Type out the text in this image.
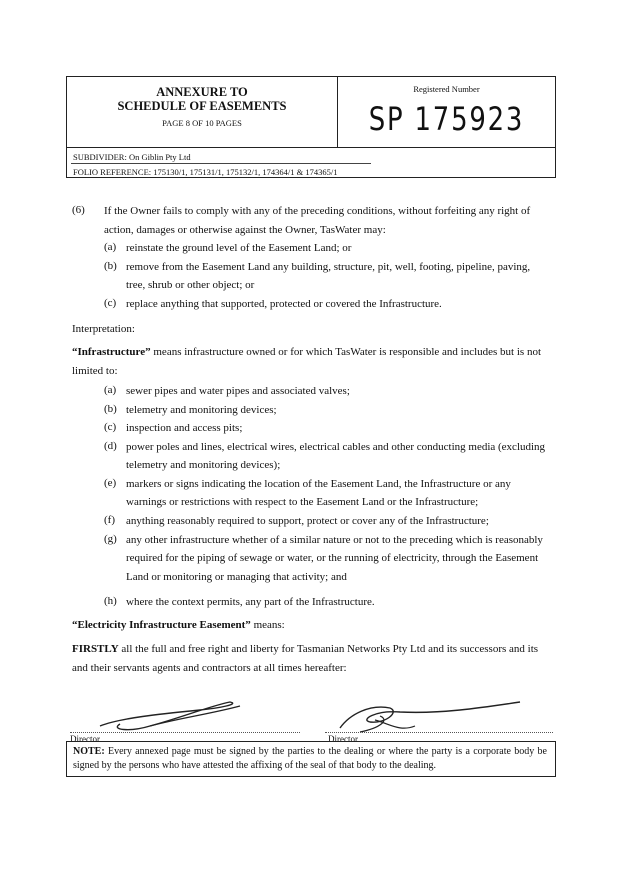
ANNEXURE TO
SCHEDULE OF EASEMENTS
PAGE 8 OF 10 PAGES
Registered Number
SP 175923
SUBDIVIDER: On Giblin Pty Ltd
FOLIO REFERENCE: 175130/1, 175131/1, 175132/1, 174364/1 & 174365/1
(6) If the Owner fails to comply with any of the preceding conditions, without forfeiting any right of
action, damages or otherwise against the Owner, TasWater may:
(a) reinstate the ground level of the Easement Land; or
(b) remove from the Easement Land any building, structure, pit, well, footing, pipeline, paving,
tree, shrub or other object; or
(c) replace anything that supported, protected or covered the Infrastructure.
Interpretation:
“Infrastructure” means infrastructure owned or for which TasWater is responsible and includes but is not
limited to:
(a) sewer pipes and water pipes and associated valves;
(b) telemetry and monitoring devices;
(c) inspection and access pits;
(d) power poles and lines, electrical wires, electrical cables and other conducting media (excluding
telemetry and monitoring devices);
(e) markers or signs indicating the location of the Easement Land, the Infrastructure or any
warnings or restrictions with respect to the Easement Land or the Infrastructure;
(f) anything reasonably required to support, protect or cover any of the Infrastructure;
(g) any other infrastructure whether of a similar nature or not to the preceding which is reasonably
required for the piping of sewage or water, or the running of electricity, through the Easement
Land or monitoring or managing that activity; and
(h) where the context permits, any part of the Infrastructure.
“Electricity Infrastructure Easement” means:
FIRSTLY all the full and free right and liberty for Tasmanian Networks Pty Ltd and its successors and its
and their servants agents and contractors at all times hereafter:
Director	Director
NOTE: Every annexed page must be signed by the parties to the dealing or where the party is a corporate body be signed by the persons who have attested the affixing of the seal of that body to the dealing.
